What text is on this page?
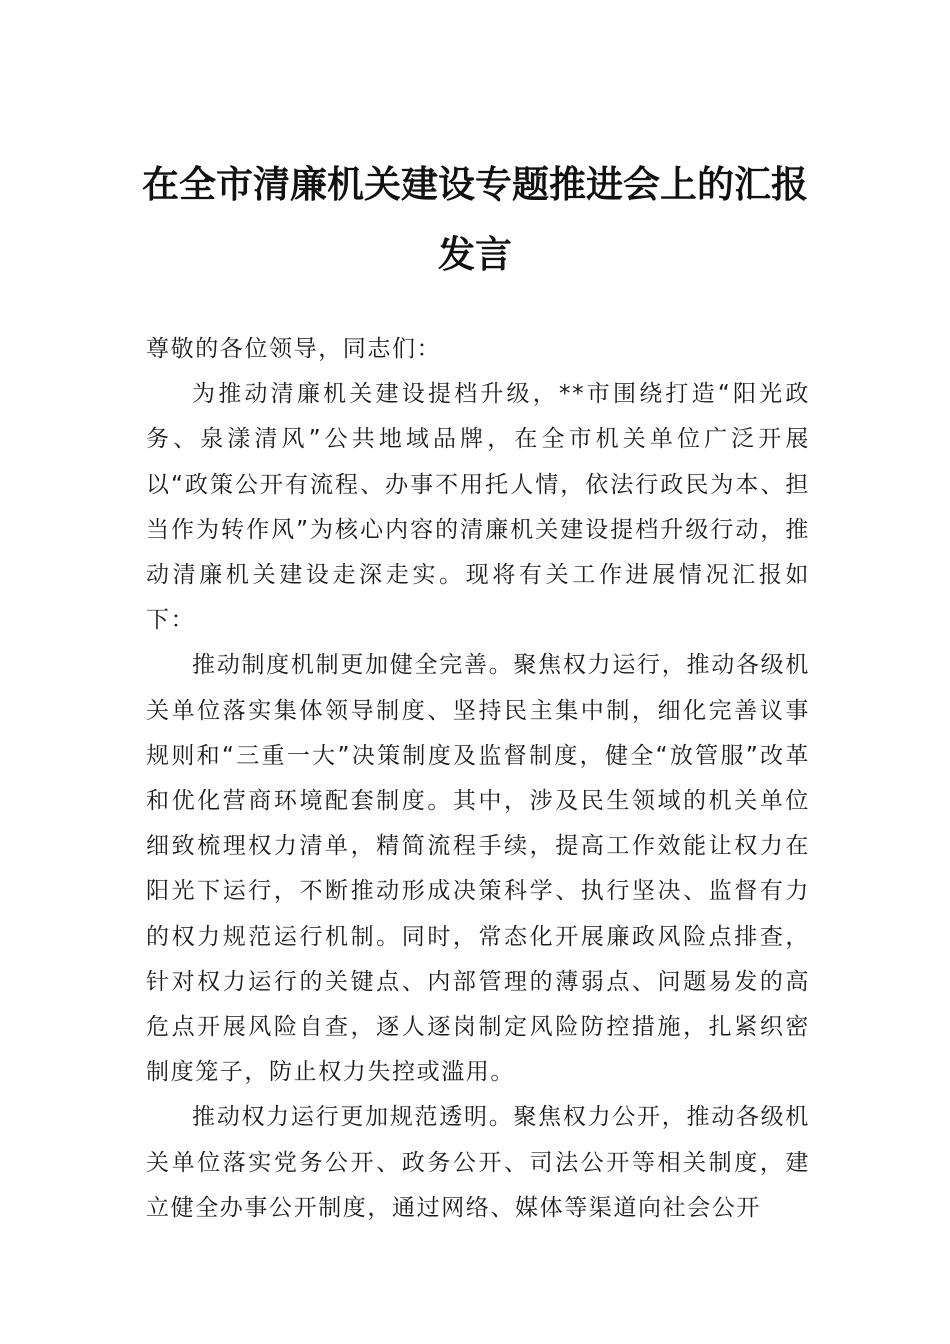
在全市清廉机关建设专题推进会上的汇报
发言

尊敬的各位领导，同志们：

为推动清廉机关建设提档升级，**市围绕打造“阳光政务、泉漾清风”公共地域品牌，在全市机关单位广泛开展以“政策公开有流程、办事不用托人情，依法行政民为本、担当作为转作风”为核心内容的清廉机关建设提档升级行动，推动清廉机关建设走深走实。现将有关工作进展情况汇报如下：

推动制度机制更加健全完善。聚焦权力运行，推动各级机关单位落实集体领导制度、坚持民主集中制，细化完善议事规则和“三重一大”决策制度及监督制度，健全“放管服”改革和优化营商环境配套制度。其中，涉及民生领域的机关单位细致梳理权力清单，精简流程手续，提高工作效能让权力在阳光下运行，不断推动形成决策科学、执行坚决、监督有力的权力规范运行机制。同时，常态化开展廉政风险点排查，针对权力运行的关键点、内部管理的薄弱点、问题易发的高危点开展风险自查，逐人逐岗制定风险防控措施，扎紧织密制度笼子，防止权力失控或滥用。

推动权力运行更加规范透明。聚焦权力公开，推动各级机关单位落实党务公开、政务公开、司法公开等相关制度，建立健全办事公开制度，通过网络、媒体等渠道向社会公开
